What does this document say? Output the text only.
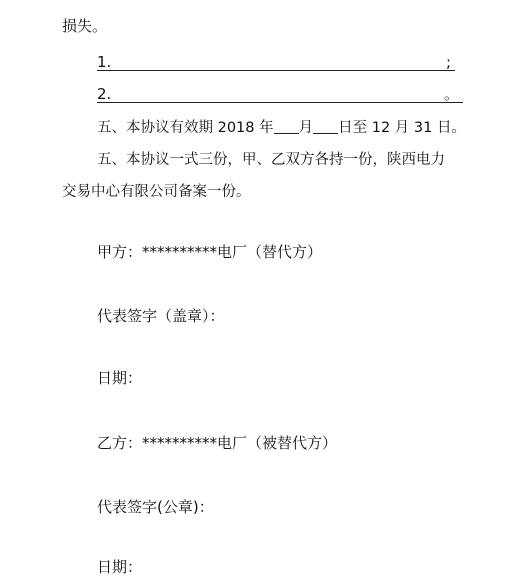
损失。
1.	;
2.	。
五、本协议有效期 2018 年 月 日至 12 月 31 日。
五、本协议一式三份，甲、乙双方各持一份，陕西电力
交易中心有限公司备案一份。
甲方：**********电厂（替代方）
代表签字（盖章）：
日期：
乙方：**********电厂（被替代方）
代表签字(公章)：
日期：
